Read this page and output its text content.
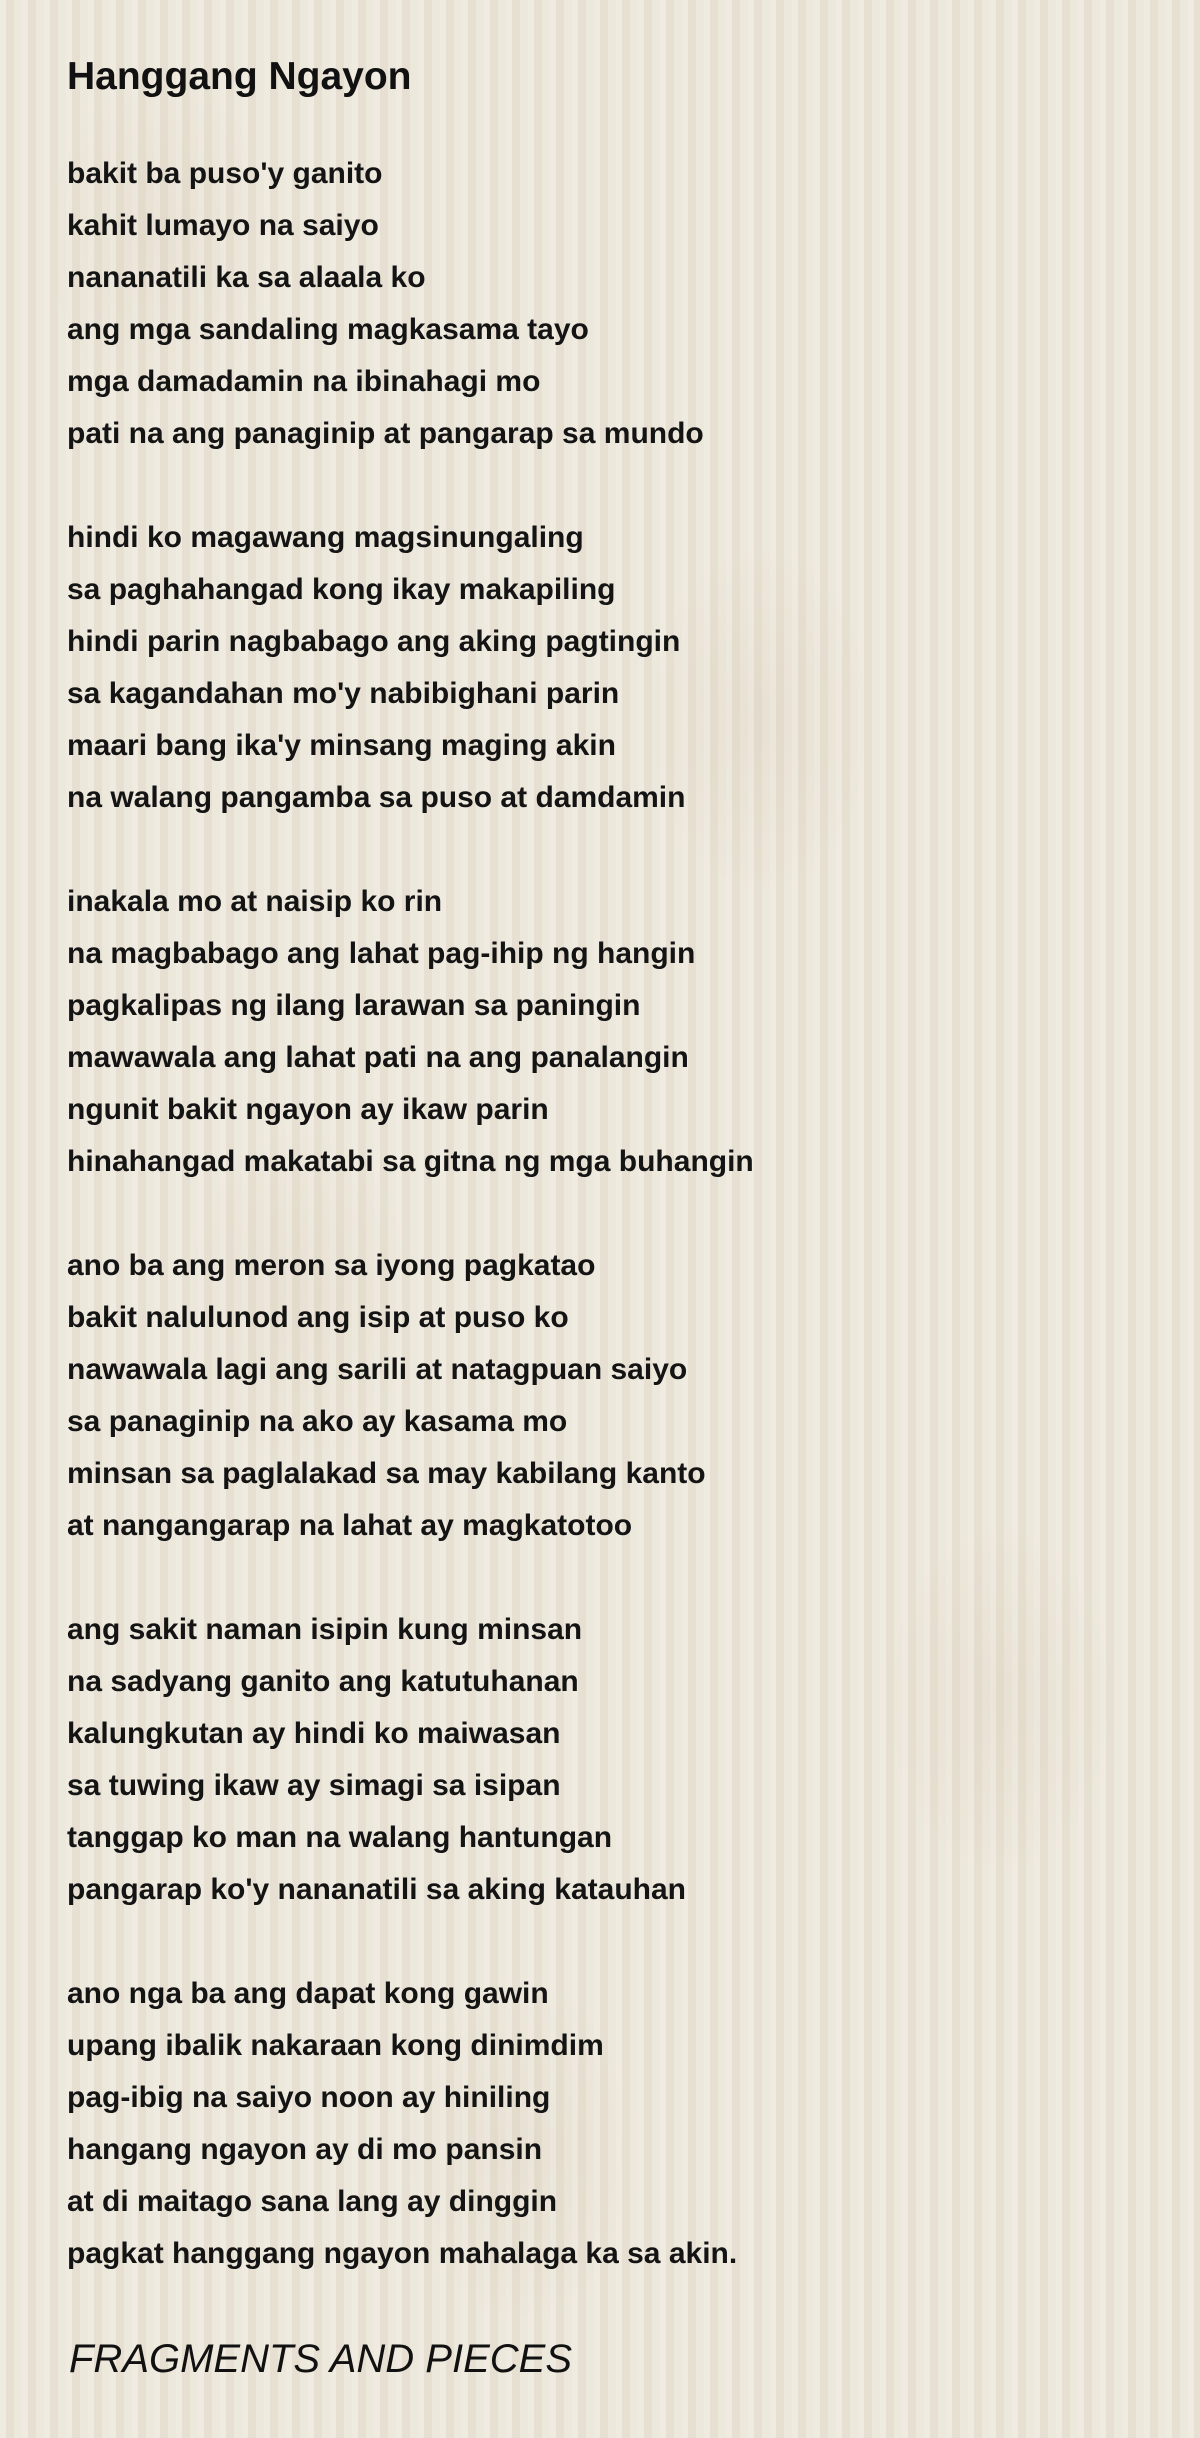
Hanggang Ngayon
bakit ba puso'y ganito
kahit lumayo na saiyo
nananatili ka sa alaala ko
ang mga sandaling magkasama tayo
mga damadamin na ibinahagi mo
pati na ang panaginip at pangarap sa mundo
hindi ko magawang magsinungaling
sa paghahangad kong ikay makapiling
hindi parin nagbabago ang aking pagtingin
sa kagandahan mo'y nabibighani parin
maari bang ika'y minsang maging akin
na walang pangamba sa puso at damdamin
inakala mo at naisip ko rin
na magbabago ang lahat pag-ihip ng hangin
pagkalipas ng ilang larawan sa paningin
mawawala ang lahat pati na ang panalangin
ngunit bakit ngayon ay ikaw parin
hinahangad makatabi sa gitna ng mga buhangin
ano ba ang meron sa iyong pagkatao
bakit nalulunod ang isip at puso ko
nawawala lagi ang sarili at natagpuan saiyo
sa panaginip na ako ay kasama mo
minsan sa paglalakad sa may kabilang kanto
at nangangarap na lahat ay magkatotoo
ang sakit naman isipin kung minsan
na sadyang ganito ang katutuhanan
kalungkutan ay hindi ko maiwasan
sa tuwing ikaw ay simagi sa isipan
tanggap ko man na walang hantungan
pangarap ko'y nananatili sa aking katauhan
ano nga ba ang dapat kong gawin
upang ibalik nakaraan kong dinimdim
pag-ibig na saiyo noon ay hiniling
hangang ngayon ay di mo pansin
at di maitago sana lang ay dinggin
pagkat hanggang ngayon mahalaga ka sa akin.
FRAGMENTS AND PIECES
